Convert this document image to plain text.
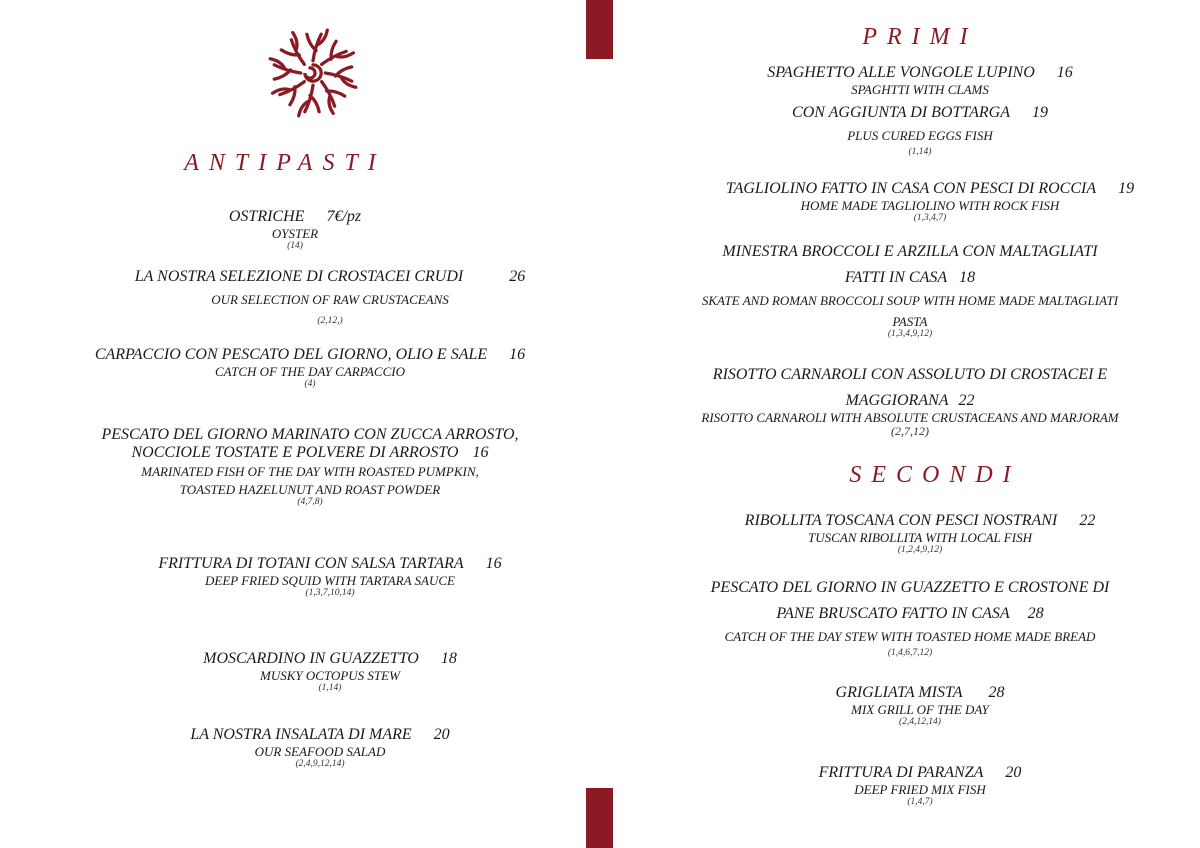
ANTIPASTI
OSTRICHE 7€/pz
OYSTER
(14)
LA NOSTRA SELEZIONE DI CROSTACEI CRUDI	26
OUR SELECTION OF RAW CRUSTACEANS
(2,12,)
CARPACCIO CON PESCATO DEL GIORNO, OLIO E SALE 16
CATCH OF THE DAY CARPACCIO
(4)
PESCATO DEL GIORNO MARINATO CON ZUCCA ARROSTO,
NOCCIOLE TOSTATE E POLVERE DI ARROSTO 16
MARINATED FISH OF THE DAY WITH ROASTED PUMPKIN,
TOASTED HAZELUNUT AND ROAST POWDER
(4,7,8)
FRITTURA DI TOTANI CON SALSA TARTARA 16
DEEP FRIED SQUID WITH TARTARA SAUCE
(1,3,7,10,14)
MOSCARDINO IN GUAZZETTO 18
MUSKY OCTOPUS STEW
(1,14)
LA NOSTRA INSALATA DI MARE 20
OUR SEAFOOD SALAD
(2,4,9,12,14)
PRIMI
SPAGHETTO ALLE VONGOLE LUPINO 16
SPAGHTTI WITH CLAMS
CON AGGIUNTA DI BOTTARGA 19
PLUS CURED EGGS FISH
(1,14)
TAGLIOLINO FATTO IN CASA CON PESCI DI ROCCIA 19
HOME MADE TAGLIOLINO WITH ROCK FISH
(1,3,4,7)
MINESTRA BROCCOLI E ARZILLA CON MALTAGLIATI
FATTI IN CASA 18
SKATE AND ROMAN BROCCOLI SOUP WITH HOME MADE MALTAGLIATI
PASTA
(1,3,4,9,12)
RISOTTO CARNAROLI CON ASSOLUTO DI CROSTACEI E
MAGGIORANA 22
RISOTTO CARNAROLI WITH ABSOLUTE CRUSTACEANS AND MARJORAM
(2,7,12)
SECONDI
RIBOLLITA TOSCANA CON PESCI NOSTRANI 22
TUSCAN RIBOLLITA WITH LOCAL FISH
(1,2,4,9,12)
PESCATO DEL GIORNO IN GUAZZETTO E CROSTONE DI
PANE BRUSCATO FATTO IN CASA 28
CATCH OF THE DAY STEW WITH TOASTED HOME MADE BREAD
(1,4,6,7,12)
GRIGLIATA MISTA 28
MIX GRILL OF THE DAY
(2,4,12,14)
FRITTURA DI PARANZA 20
DEEP FRIED MIX FISH
(1,4,7)
